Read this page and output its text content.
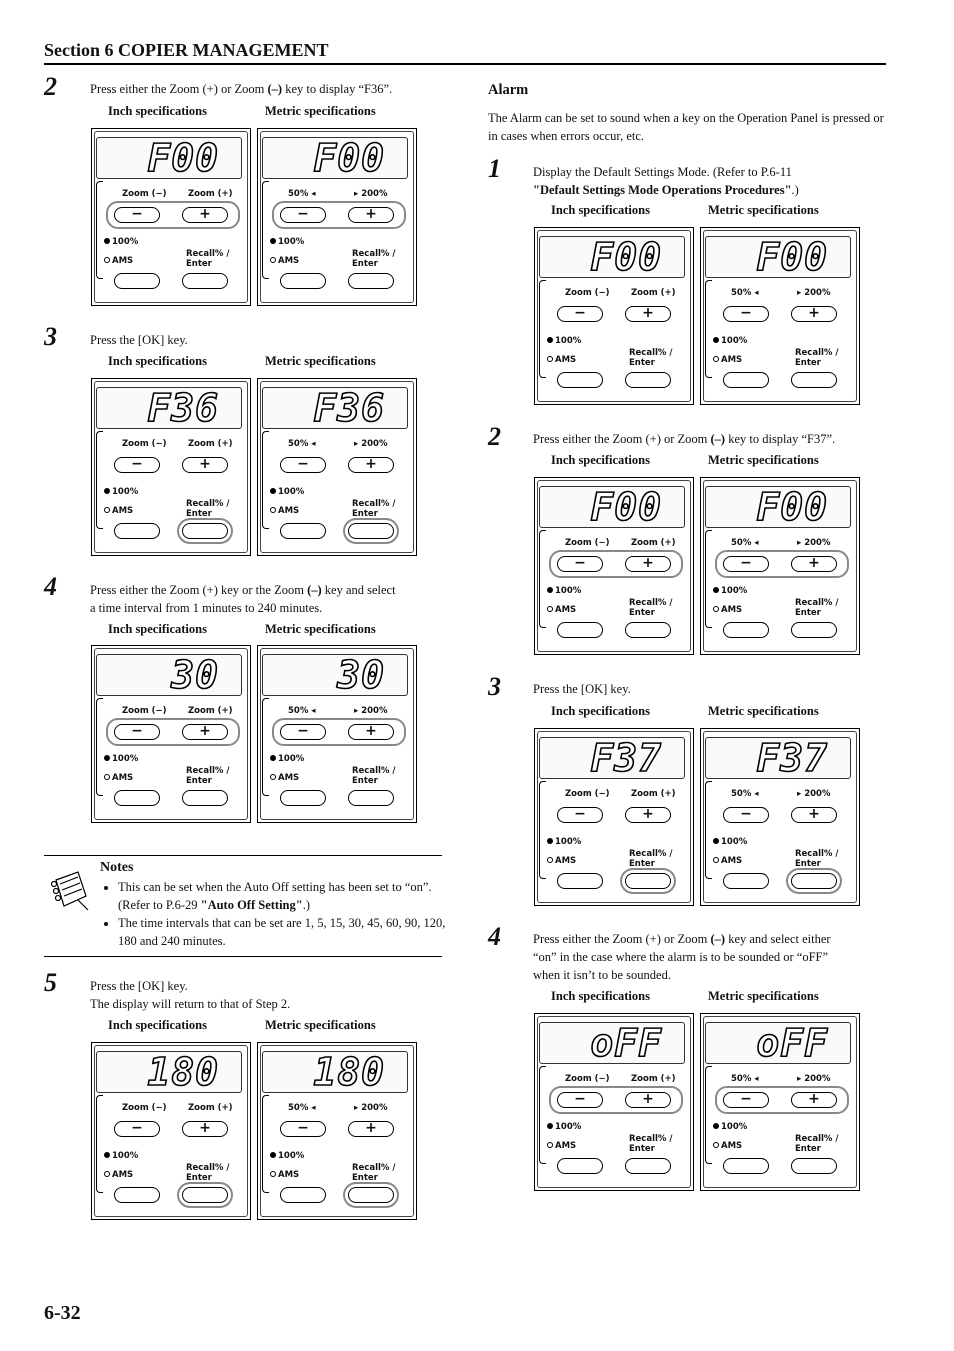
Section 6 COPIER MANAGEMENT
2	Press either the Zoom (+) or Zoom (–) key to display “F36”.
Inch specifications	Metric specifications
F00
Zoom (−)	Zoom (+)
−	+
100%
AMS
Recall% /
Enter
F00
50% ◂	▸ 200%
−	+
100%
AMS
Recall% /
Enter
3	Press the [OK] key.
Inch specifications	Metric specifications
F36
Zoom (−)	Zoom (+)
−	+
100%
AMS
Recall% /
Enter
F36
50% ◂	▸ 200%
−	+
100%
AMS
Recall% /
Enter
4	Press either the Zoom (+) key or the Zoom (–) key and select
a time interval from 1 minutes to 240 minutes.
Inch specifications	Metric specifications
30
Zoom (−)	Zoom (+)
−	+
100%
AMS
Recall% /
Enter
30
50% ◂	▸ 200%
−	+
100%
AMS
Recall% /
Enter
Notes
• This can be set when the Auto Off setting has been set to “on”. (Refer to P.6-29 "Auto Off Setting".)
• The time intervals that can be set are 1, 5, 15, 30, 45, 60, 90, 120, 180 and 240 minutes.
5	Press the [OK] key.
The display will return to that of Step 2.
Inch specifications	Metric specifications
180
Zoom (−)	Zoom (+)
−	+
100%
AMS
Recall% /
Enter
180
50% ◂	▸ 200%
−	+
100%
AMS
Recall% /
Enter
Alarm
The Alarm can be set to sound when a key on the Operation Panel is pressed or in cases when errors occur, etc.
1	Display the Default Settings Mode. (Refer to P.6-11
"Default Settings Mode Operations Procedures".)
Inch specifications	Metric specifications
F00
Zoom (−)	Zoom (+)
−	+
100%
AMS
Recall% /
Enter
F00
50% ◂	▸ 200%
−	+
100%
AMS
Recall% /
Enter
2	Press either the Zoom (+) or Zoom (–) key to display “F37”.
Inch specifications	Metric specifications
F00
Zoom (−)	Zoom (+)
−	+
100%
AMS
Recall% /
Enter
F00
50% ◂	▸ 200%
−	+
100%
AMS
Recall% /
Enter
3	Press the [OK] key.
Inch specifications	Metric specifications
F37
Zoom (−)	Zoom (+)
−	+
100%
AMS
Recall% /
Enter
F37
50% ◂	▸ 200%
−	+
100%
AMS
Recall% /
Enter
4	Press either the Zoom (+) or Zoom (–) key and select either
“on” in the case where the alarm is to be sounded or “oFF”
when it isn’t to be sounded.
Inch specifications	Metric specifications
oFF
Zoom (−)	Zoom (+)
−	+
100%
AMS
Recall% /
Enter
oFF
50% ◂	▸ 200%
−	+
100%
AMS
Recall% /
Enter
6-32
